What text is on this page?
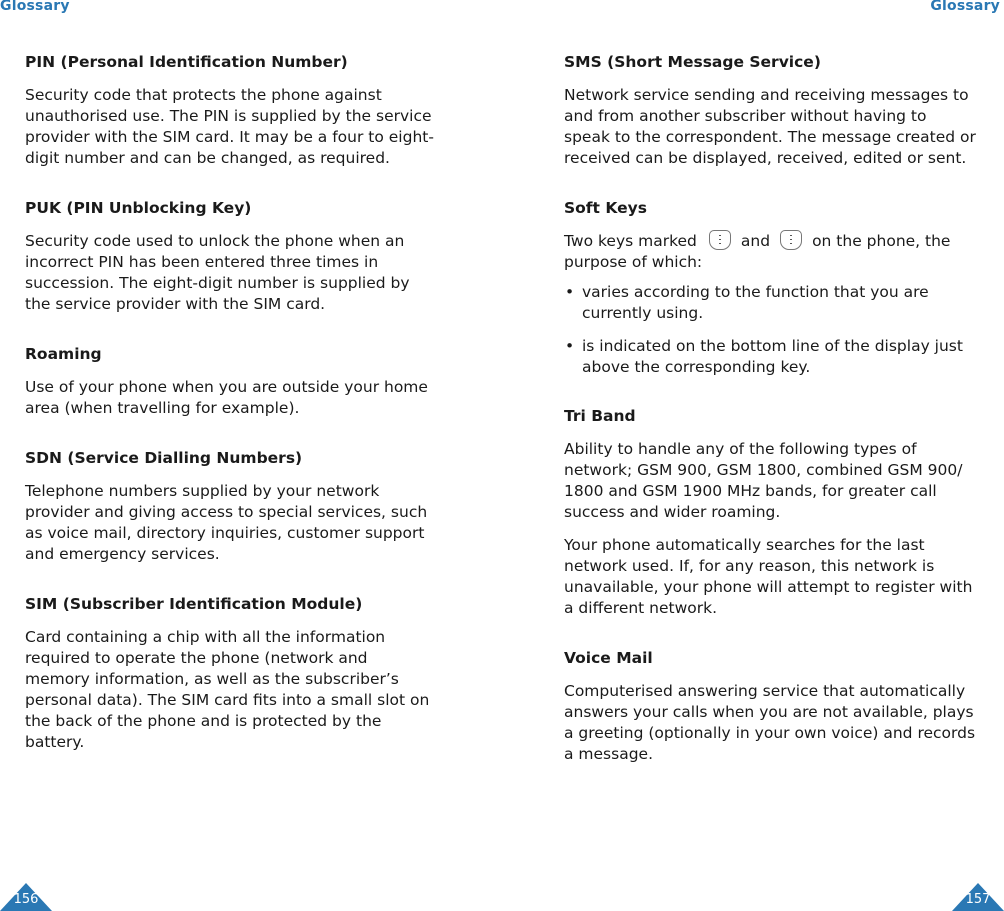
Glossary	Glossary
PIN (Personal Identification Number)
Security code that protects the phone against unauthorised use. The PIN is supplied by the service provider with the SIM card. It may be a four to eight-digit number and can be changed, as required.
PUK (PIN Unblocking Key)
Security code used to unlock the phone when an incorrect PIN has been entered three times in succession. The eight-digit number is supplied by the service provider with the SIM card.
Roaming
Use of your phone when you are outside your home area (when travelling for example).
SDN (Service Dialling Numbers)
Telephone numbers supplied by your network provider and giving access to special services, such as voice mail, directory inquiries, customer support and emergency services.
SIM (Subscriber Identification Module)
Card containing a chip with all the information required to operate the phone (network and memory information, as well as the subscriber’s personal data). The SIM card fits into a small slot on the back of the phone and is protected by the battery.
SMS (Short Message Service)
Network service sending and receiving messages to and from another subscriber without having to speak to the correspondent. The message created or received can be displayed, received, edited or sent.
Soft Keys
Two keys marked	and	on the phone, the purpose of which:
• varies according to the function that you are currently using.
• is indicated on the bottom line of the display just above the corresponding key.
Tri Band
Ability to handle any of the following types of network; GSM 900, GSM 1800, combined GSM 900/ 1800 and GSM 1900 MHz bands, for greater call success and wider roaming.
Your phone automatically searches for the last network used. If, for any reason, this network is unavailable, your phone will attempt to register with a different network.
Voice Mail
Computerised answering service that automatically answers your calls when you are not available, plays a greeting (optionally in your own voice) and records a message.
156	157
